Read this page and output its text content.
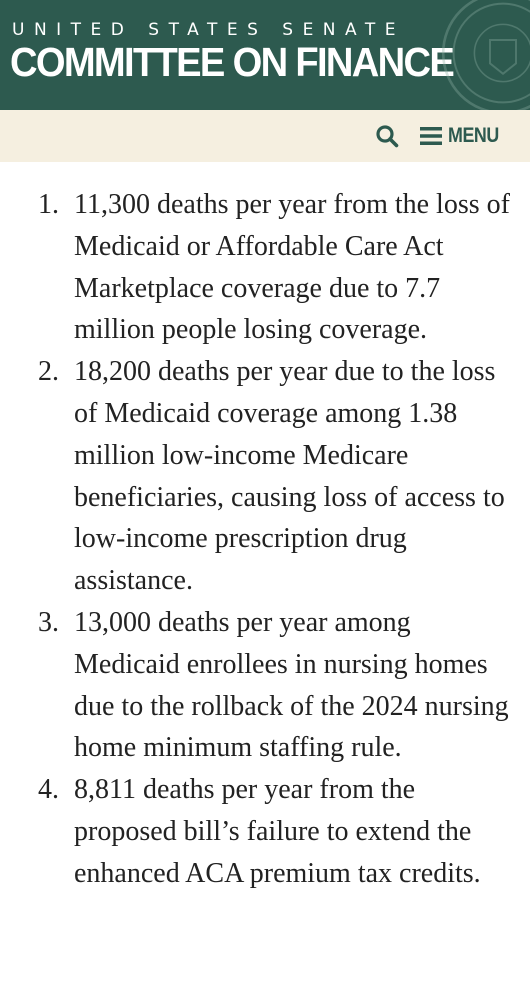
UNITED STATES SENATE
COMMITTEE ON FINANCE
MENU
1. 11,300 deaths per year from the loss of Medicaid or Affordable Care Act Marketplace coverage due to 7.7 million people losing coverage.
2. 18,200 deaths per year due to the loss of Medicaid coverage among 1.38 million low-income Medicare beneficiaries, causing loss of access to low-income prescription drug assistance.
3. 13,000 deaths per year among Medicaid enrollees in nursing homes due to the rollback of the 2024 nursing home minimum staffing rule.
4. 8,811 deaths per year from the proposed bill’s failure to extend the enhanced ACA premium tax credits.
